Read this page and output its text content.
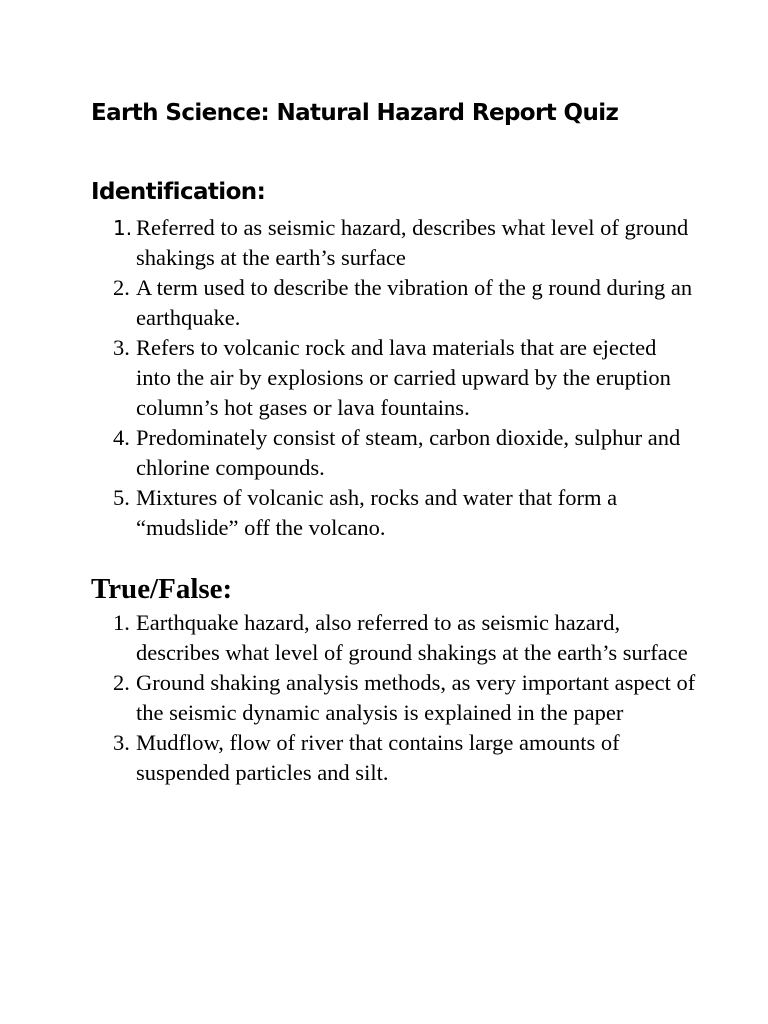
Earth Science: Natural Hazard Report Quiz
Identification:
1. Referred to as seismic hazard, describes what level of ground shakings at the earth’s surface
2. A term used to describe the vibration of the g round during an earthquake.
3. Refers to volcanic rock and lava materials that are ejected into the air by explosions or carried upward by the eruption column’s hot gases or lava fountains.
4. Predominately consist of steam, carbon dioxide, sulphur and chlorine compounds.
5. Mixtures of volcanic ash, rocks and water that form a “mudslide” off the volcano.
True/False:
1. Earthquake hazard, also referred to as seismic hazard, describes what level of ground shakings at the earth’s surface
2. Ground shaking analysis methods, as very important aspect of the seismic dynamic analysis is explained in the paper
3. Mudflow, flow of river that contains large amounts of suspended particles and silt.
